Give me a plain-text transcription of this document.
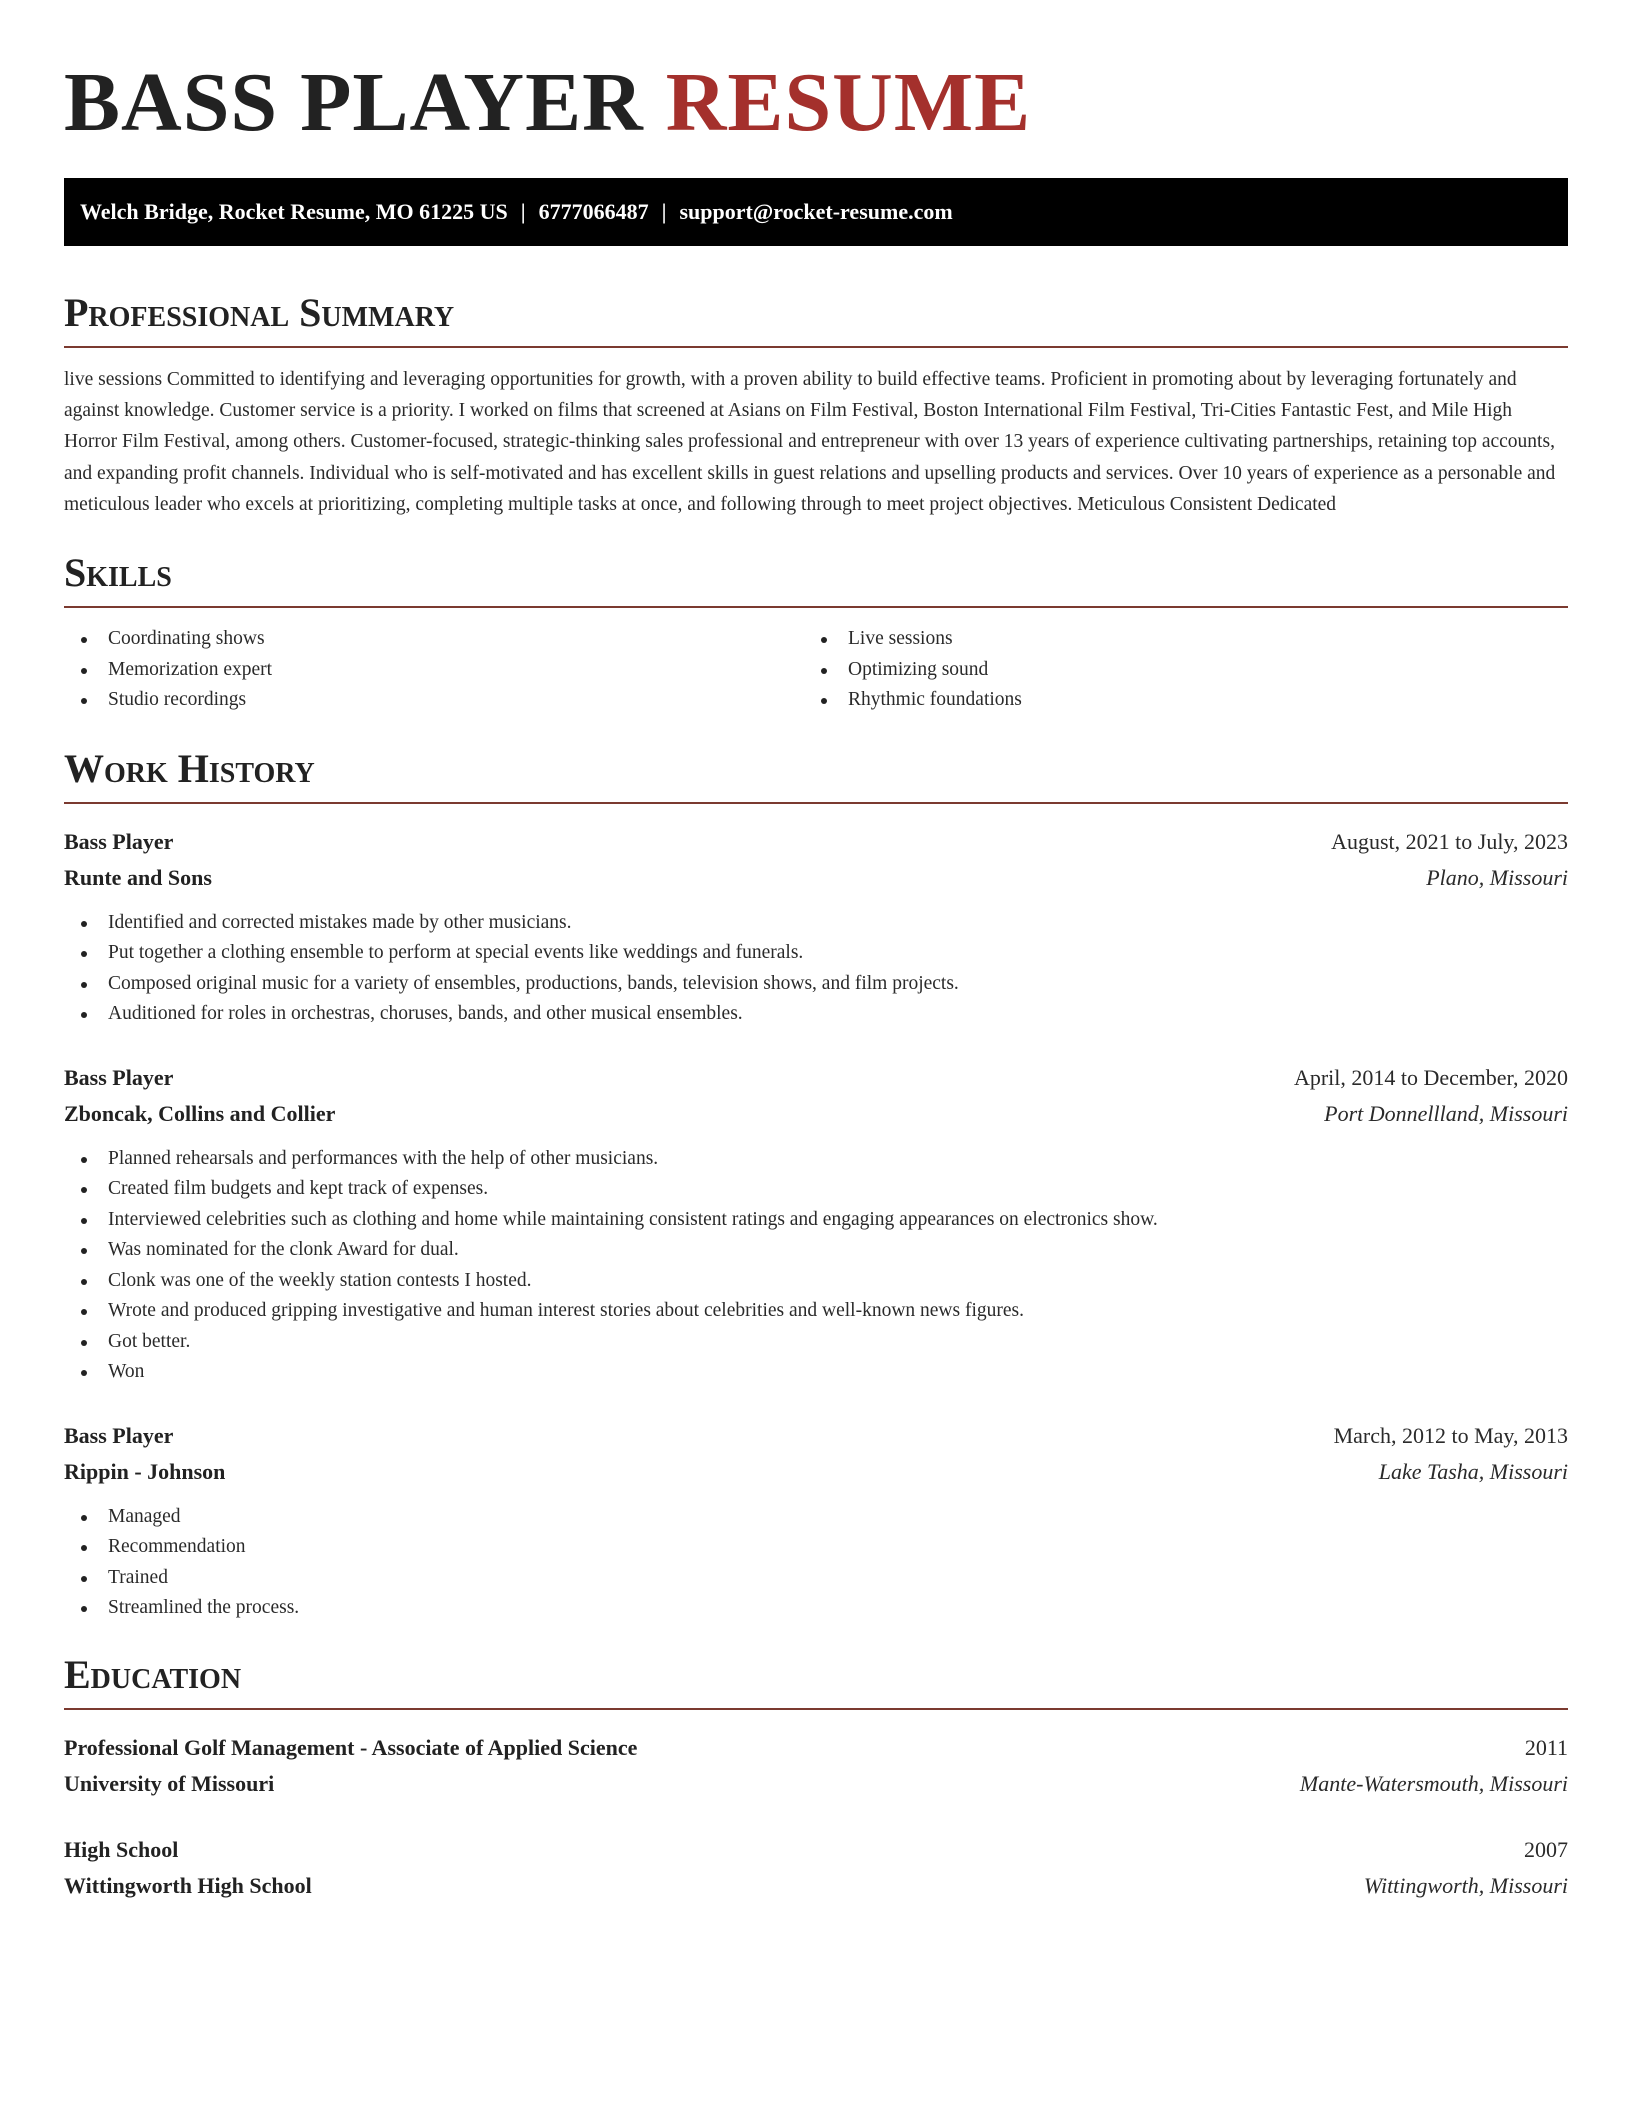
BASS PLAYER RESUME
Welch Bridge, Rocket Resume, MO 61225 US | 6777066487 | support@rocket-resume.com
Professional Summary
live sessions Committed to identifying and leveraging opportunities for growth, with a proven ability to build effective teams. Proficient in promoting about by leveraging fortunately and against knowledge. Customer service is a priority. I worked on films that screened at Asians on Film Festival, Boston International Film Festival, Tri-Cities Fantastic Fest, and Mile High Horror Film Festival, among others. Customer-focused, strategic-thinking sales professional and entrepreneur with over 13 years of experience cultivating partnerships, retaining top accounts, and expanding profit channels. Individual who is self-motivated and has excellent skills in guest relations and upselling products and services. Over 10 years of experience as a personable and meticulous leader who excels at prioritizing, completing multiple tasks at once, and following through to meet project objectives. Meticulous Consistent Dedicated
Skills
Coordinating shows
Memorization expert
Studio recordings
Live sessions
Optimizing sound
Rhythmic foundations
Work History
Bass Player	August, 2021 to July, 2023
Runte and Sons	Plano, Missouri
Identified and corrected mistakes made by other musicians.
Put together a clothing ensemble to perform at special events like weddings and funerals.
Composed original music for a variety of ensembles, productions, bands, television shows, and film projects.
Auditioned for roles in orchestras, choruses, bands, and other musical ensembles.
Bass Player	April, 2014 to December, 2020
Zboncak, Collins and Collier	Port Donnellland, Missouri
Planned rehearsals and performances with the help of other musicians.
Created film budgets and kept track of expenses.
Interviewed celebrities such as clothing and home while maintaining consistent ratings and engaging appearances on electronics show.
Was nominated for the clonk Award for dual.
Clonk was one of the weekly station contests I hosted.
Wrote and produced gripping investigative and human interest stories about celebrities and well-known news figures.
Got better.
Won
Bass Player	March, 2012 to May, 2013
Rippin - Johnson	Lake Tasha, Missouri
Managed
Recommendation
Trained
Streamlined the process.
Education
Professional Golf Management - Associate of Applied Science	2011
University of Missouri	Mante-Watersmouth, Missouri
High School	2007
Wittingworth High School	Wittingworth, Missouri
